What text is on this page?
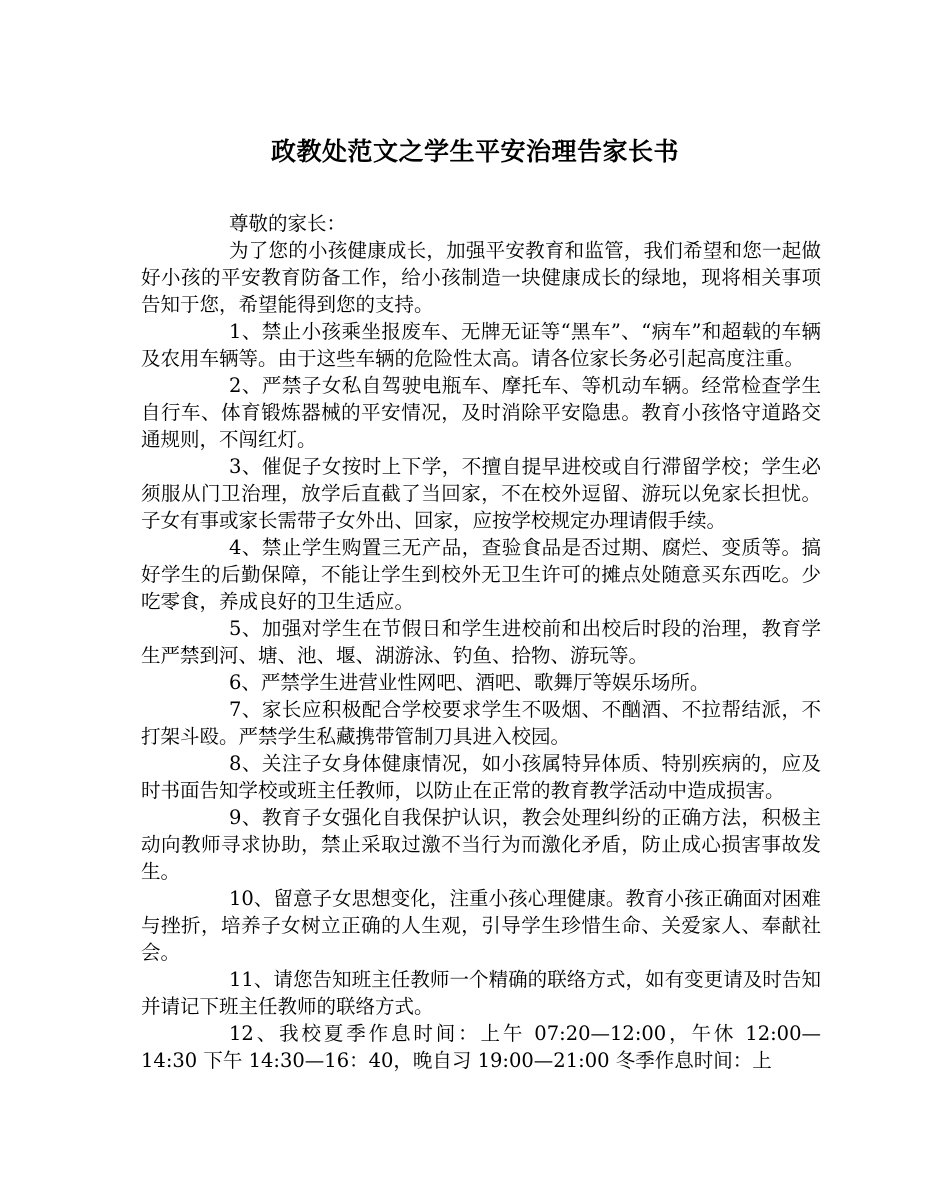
政教处范文之学生平安治理告家长书

尊敬的家长：

为了您的小孩健康成长，加强平安教育和监管，我们希望和您一起做好小孩的平安教育防备工作，给小孩制造一块健康成长的绿地，现将相关事项告知于您，希望能得到您的支持。

1、禁止小孩乘坐报废车、无牌无证等“黑车”、“病车”和超载的车辆及农用车辆等。由于这些车辆的危险性太高。请各位家长务必引起高度注重。

2、严禁子女私自驾驶电瓶车、摩托车、等机动车辆。经常检查学生自行车、体育锻炼器械的平安情况，及时消除平安隐患。教育小孩恪守道路交通规则，不闯红灯。

3、催促子女按时上下学，不擅自提早进校或自行滞留学校；学生必须服从门卫治理，放学后直截了当回家，不在校外逗留、游玩以免家长担忧。子女有事或家长需带子女外出、回家，应按学校规定办理请假手续。

4、禁止学生购置三无产品，查验食品是否过期、腐烂、变质等。搞好学生的后勤保障，不能让学生到校外无卫生许可的摊点处随意买东西吃。少吃零食，养成良好的卫生适应。

5、加强对学生在节假日和学生进校前和出校后时段的治理，教育学生严禁到河、塘、池、堰、湖游泳、钓鱼、拾物、游玩等。

6、严禁学生进营业性网吧、酒吧、歌舞厅等娱乐场所。

7、家长应积极配合学校要求学生不吸烟、不酗酒、不拉帮结派，不打架斗殴。严禁学生私藏携带管制刀具进入校园。

8、关注子女身体健康情况，如小孩属特异体质、特别疾病的，应及时书面告知学校或班主任教师，以防止在正常的教育教学活动中造成损害。

9、教育子女强化自我保护认识，教会处理纠纷的正确方法，积极主动向教师寻求协助，禁止采取过激不当行为而激化矛盾，防止成心损害事故发生。

10、留意子女思想变化，注重小孩心理健康。教育小孩正确面对困难与挫折，培养子女树立正确的人生观，引导学生珍惜生命、关爱家人、奉献社会。

11、请您告知班主任教师一个精确的联络方式，如有变更请及时告知并请记下班主任教师的联络方式。

12、我校夏季作息时间：上午 07:20—12:00，午休 12:00—14:30 下午 14:30—16：40，晚自习 19:00—21:00 冬季作息时间：上
